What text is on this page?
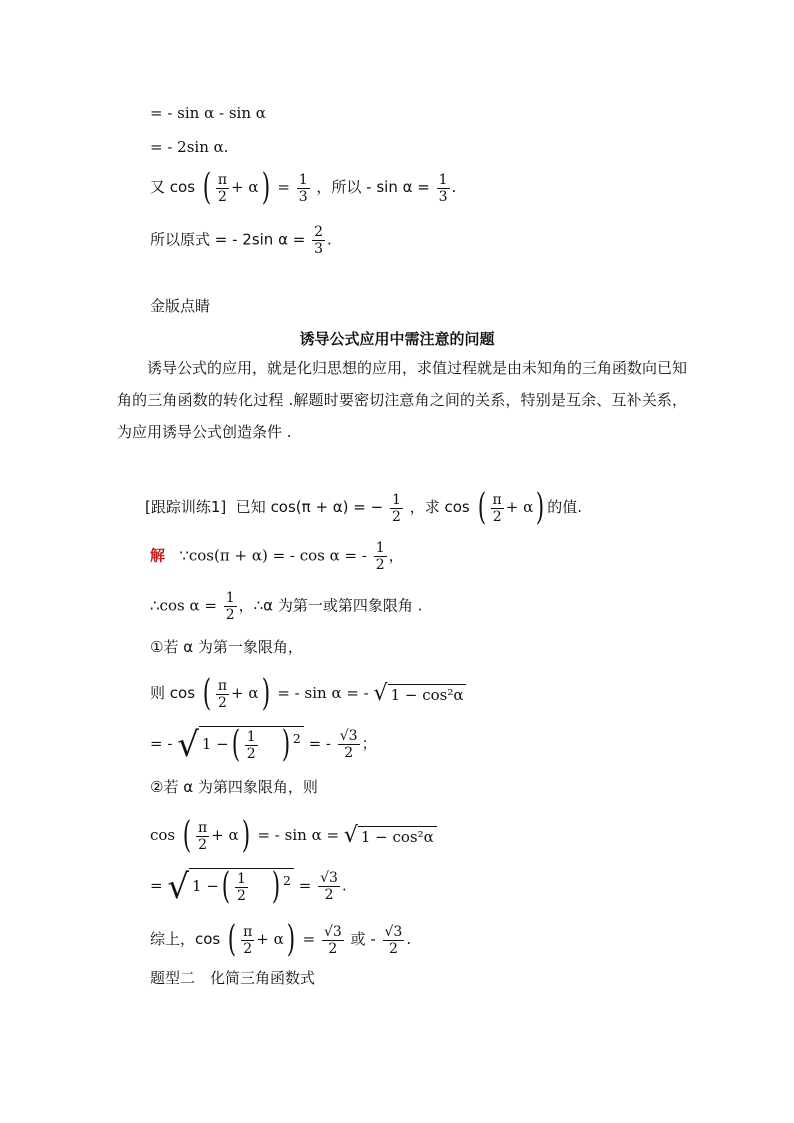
= - sin α - sin α
= - 2sin α.
又 cos ( $\frac{\pi}{2} + \alpha) = \frac{1}{3}$ ，所以 - $\sin \alpha = \frac{1}{3}$ .
所以原式 = - 2sin $\alpha = \frac{2}{3}$ .
金版点睛
诱导公式应用中需注意的问题
诱导公式的应用，就是化归思想的应用，求值过程就是由未知角的三角函数向已知角的三角函数的转化过程 .解题时要密切注意角之间的关系，特别是互余、互补关系，为应用诱导公式创造条件 .
[跟踪训练1] 已知 cos(π + α) = − $\frac{1}{2}$ ，求 cos ( $\frac{\pi}{2} + \alpha$) 的值.
解 ∵cos(π + α) = - cos α = - $\frac{1}{2}$ ，
∴cos $\alpha = \frac{1}{2}$ ，∴α 为第一或第四象限角 .
①若 α 为第一象限角，
则 cos ( $\frac{\pi}{2} + \alpha$) = - sin α = - √ 1 − cos²α
= - √ 1 −( $\frac{1}{2}$ ) $^2$ = - $\frac{√3}{2}$ ；
②若 α 为第四象限角，则
cos ( $\frac{\pi}{2} + \alpha$) = - sin α = √ 1 − cos²α
= √ 1 −( $\frac{1}{2}$ ) $^2 = \frac{√3}{2}$ .
综上，cos ( $\frac{\pi}{2} + \alpha) = \frac{√3}{2}$ 或 - $\frac{√3}{2}$ .
题型二　化简三角函数式
